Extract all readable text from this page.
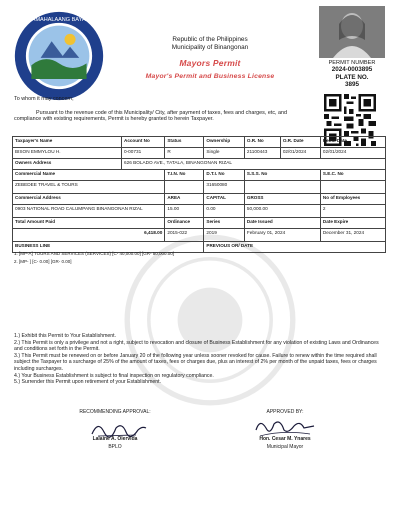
PAMAHALAANG BAYAN
Republic of the Philippines
Municipality of Binangonan
Mayors Permit
Mayor's Permit and Business License
PERMIT NUMBER
2024-0003895
PLATE NO.
3895
To whom it may concern,
Pursuant to the revenue code of this Municipality/ City, after payment of taxes, fees and charges, etc, and compliance with existing requirements, Permit is hereby granted to herein Taxpayer.
Taxpayer's Name	Account No	Status	Ownership	O.R. No	O.R. Date	Remit Date
BISON EMMYLOU H.	0-00731	R	Single	21100443	02/01/2024	02/01/2024
Owners Address	626 BOLADO AVE., TATALA, BINANGONAN RIZAL					
Commercial Name		T.I.N. No	D.T.I. No	S.S.S. No		S.E.C. No
ZEBEDEE TRAVEL & TOURS			31650080			
Commercial Address		AREA	CAPITAL	GROSS		No of Employees
0903 NATIONAL ROAD CALUMPANG BINANGONAN RIZAL		15.00	0.00	50,000.00		2
Total Amount Paid		Ordinance	Series	Date Issued		Date Expire
6,418.00		2015-022	2019	February 01, 2024		December 31, 2024
BUSINESS LINE			PREVIOUS OR/ DATE			
1. [MP-A] TOURS AND SERVICES (SERVICES) [C- 40,000.00] [GR- 50,000.00]
2. [MP- ] [C- 0.00] [GR- 0.00]
1.) Exhibit this Permit to Your Establishment.
2.) This Permit is only a privilege and not a right, subject to revocation and closure of Business Establishment for any violation of existing Laws and Ordinances and conditions set forth in the Permit.
3.) This Permit must be renewed on or before January 20 of the following year unless sooner revoked for cause. Failure to renew within the time required shall subject the Taxpayer to a surcharge of 25% of the amount of taxes, fees or charges due, plus an interest of 2% per month of the unpaid taxes, fees or charges including surcharges.
4.) Your Business Establishment is subject to final inspection on regulatory compliance.
5.) Surrender this Permit upon retirement of your Establishment.
RECOMMENDING APPROVAL:
Lalaine A. Olervida
BPLO
APPROVED BY:
Hon. Cesar M. Ynares
Municipal Mayor
